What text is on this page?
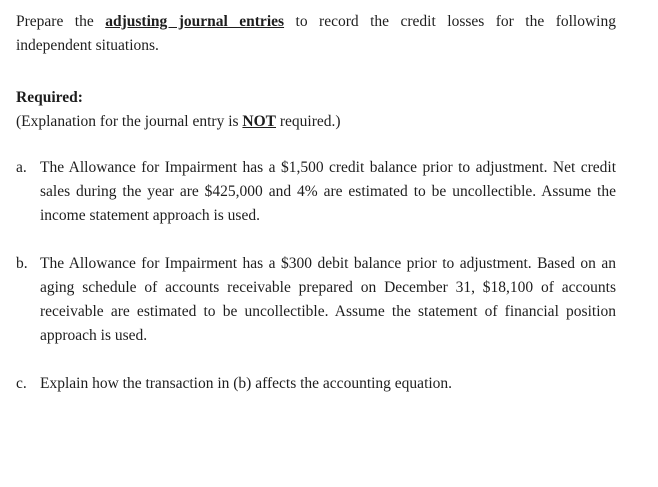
Prepare the adjusting journal entries to record the credit losses for the following
independent situations.
Required:
(Explanation for the journal entry is NOT required.)
a. The Allowance for Impairment has a $1,500 credit balance prior to adjustment. Net credit sales during the year are $425,000 and 4% are estimated to be uncollectible. Assume the income statement approach is used.
b. The Allowance for Impairment has a $300 debit balance prior to adjustment. Based on an aging schedule of accounts receivable prepared on December 31, $18,100 of accounts receivable are estimated to be uncollectible. Assume the statement of financial position approach is used.
c. Explain how the transaction in (b) affects the accounting equation.
